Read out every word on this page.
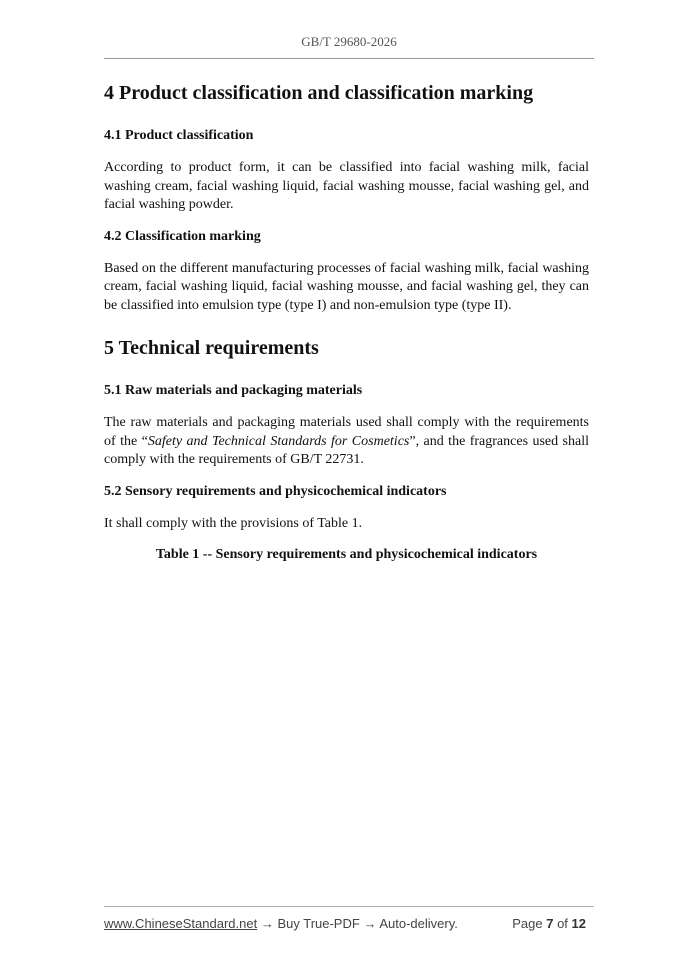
GB/T 29680-2026
4 Product classification and classification marking
4.1 Product classification

According to product form, it can be classified into facial washing milk, facial washing cream, facial washing liquid, facial washing mousse, facial washing gel, and facial washing powder.

4.2 Classification marking

Based on the different manufacturing processes of facial washing milk, facial washing cream, facial washing liquid, facial washing mousse, and facial washing gel, they can be classified into emulsion type (type I) and non-emulsion type (type II).

5 Technical requirements
5.1 Raw materials and packaging materials

The raw materials and packaging materials used shall comply with the requirements of the “Safety and Technical Standards for Cosmetics”, and the fragrances used shall comply with the requirements of GB/T 22731.

5.2 Sensory requirements and physicochemical indicators

It shall comply with the provisions of Table 1.

Table 1 -- Sensory requirements and physicochemical indicators
www.ChineseStandard.net → Buy True-PDF → Auto-delivery.	Page 7 of 12
